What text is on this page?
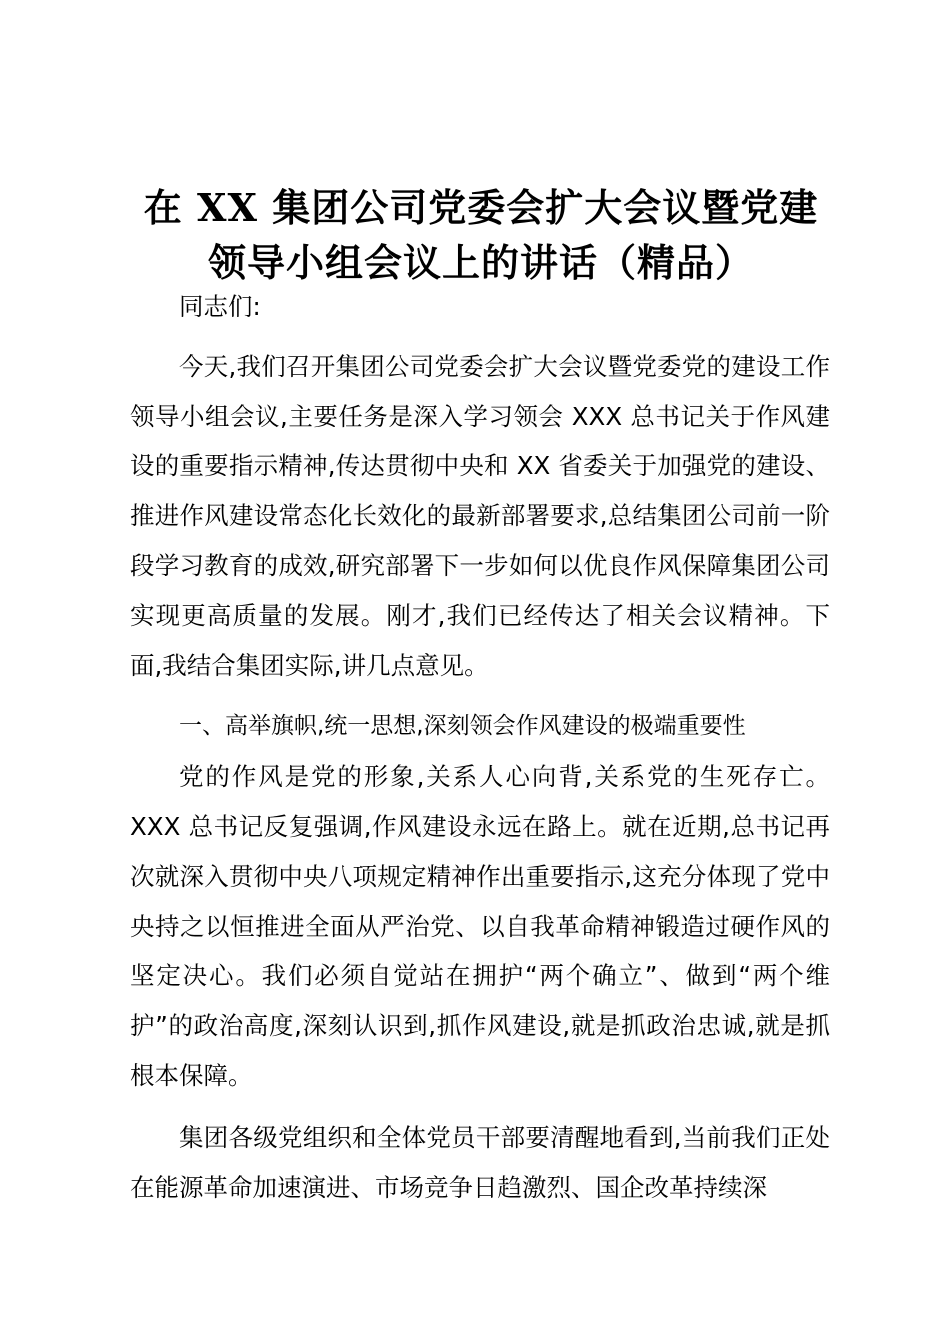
在 XX 集团公司党委会扩大会议暨党建
领导小组会议上的讲话（精品）

同志们:

今天,我们召开集团公司党委会扩大会议暨党委党的建设工作领导小组会议,主要任务是深入学习领会 XXX 总书记关于作风建设的重要指示精神,传达贯彻中央和 XX 省委关于加强党的建设、推进作风建设常态化长效化的最新部署要求,总结集团公司前一阶段学习教育的成效,研究部署下一步如何以优良作风保障集团公司实现更高质量的发展。刚才,我们已经传达了相关会议精神。下面,我结合集团实际,讲几点意见。

一、高举旗帜,统一思想,深刻领会作风建设的极端重要性

党的作风是党的形象,关系人心向背,关系党的生死存亡。XXX 总书记反复强调,作风建设永远在路上。就在近期,总书记再次就深入贯彻中央八项规定精神作出重要指示,这充分体现了党中央持之以恒推进全面从严治党、以自我革命精神锻造过硬作风的坚定决心。我们必须自觉站在拥护“两个确立”、做到“两个维护”的政治高度,深刻认识到,抓作风建设,就是抓政治忠诚,就是抓根本保障。

集团各级党组织和全体党员干部要清醒地看到,当前我们正处在能源革命加速演进、市场竞争日趋激烈、国企改革持续深
